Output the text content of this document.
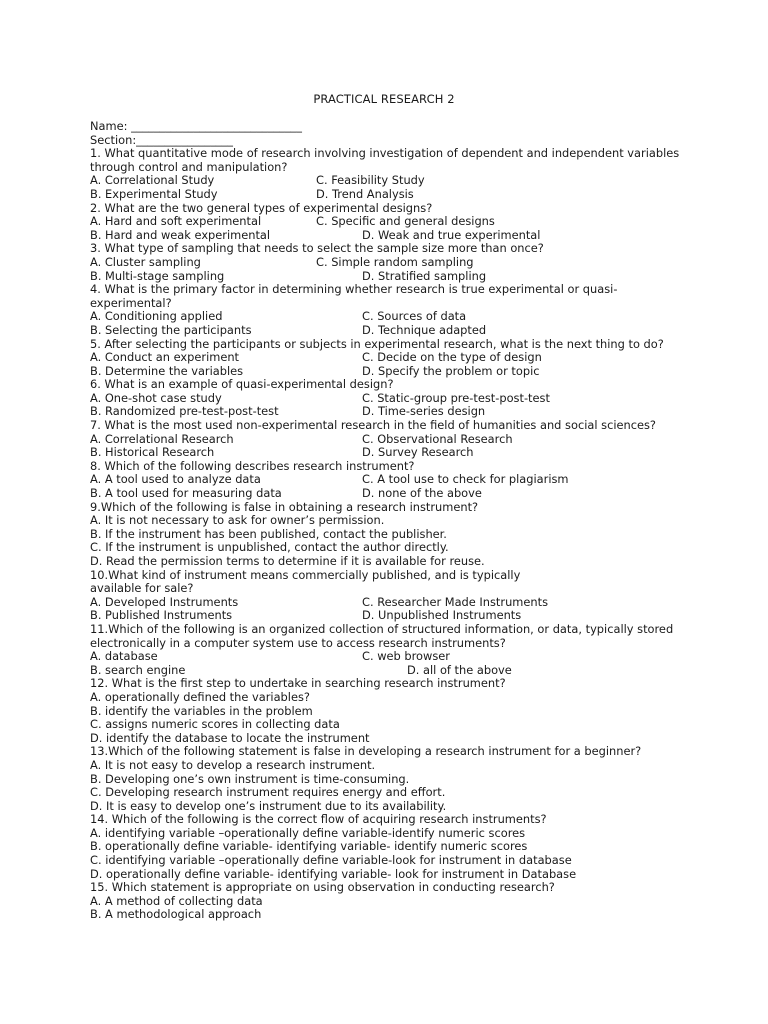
PRACTICAL RESEARCH 2
Name: ______________________________
Section:_________________
1. What quantitative mode of research involving investigation of dependent and independent variables
through control and manipulation?
A. Correlational Study	C. Feasibility Study
B. Experimental Study	D. Trend Analysis
2. What are the two general types of experimental designs?
A. Hard and soft experimental	C. Specific and general designs
B. Hard and weak experimental	D. Weak and true experimental
3. What type of sampling that needs to select the sample size more than once?
A. Cluster sampling	C. Simple random sampling
B. Multi-stage sampling	D. Stratified sampling
4. What is the primary factor in determining whether research is true experimental or quasi-
experimental?
A. Conditioning applied	C. Sources of data
B. Selecting the participants	D. Technique adapted
5. After selecting the participants or subjects in experimental research, what is the next thing to do?
A. Conduct an experiment	C. Decide on the type of design
B. Determine the variables	D. Specify the problem or topic
6. What is an example of quasi-experimental design?
A. One-shot case study	C. Static-group pre-test-post-test
B. Randomized pre-test-post-test	D. Time-series design
7. What is the most used non-experimental research in the field of humanities and social sciences?
A. Correlational Research	C. Observational Research
B. Historical Research	D. Survey Research
8. Which of the following describes research instrument?
A. A tool used to analyze data	C. A tool use to check for plagiarism
B. A tool used for measuring data	D. none of the above
9.Which of the following is false in obtaining a research instrument?
A. It is not necessary to ask for owner’s permission.
B. If the instrument has been published, contact the publisher.
C. If the instrument is unpublished, contact the author directly.
D. Read the permission terms to determine if it is available for reuse.
10.What kind of instrument means commercially published, and is typically
available for sale?
A. Developed Instruments	C. Researcher Made Instruments
B. Published Instruments	D. Unpublished Instruments
11.Which of the following is an organized collection of structured information, or data, typically stored
electronically in a computer system use to access research instruments?
A. database	C. web browser
B. search engine	D. all of the above
12. What is the first step to undertake in searching research instrument?
A. operationally defined the variables?
B. identify the variables in the problem
C. assigns numeric scores in collecting data
D. identify the database to locate the instrument
13.Which of the following statement is false in developing a research instrument for a beginner?
A. It is not easy to develop a research instrument.
B. Developing one’s own instrument is time-consuming.
C. Developing research instrument requires energy and effort.
D. It is easy to develop one’s instrument due to its availability.
14. Which of the following is the correct flow of acquiring research instruments?
A. identifying variable –operationally define variable-identify numeric scores
B. operationally define variable- identifying variable- identify numeric scores
C. identifying variable –operationally define variable-look for instrument in database
D. operationally define variable- identifying variable- look for instrument in Database
15. Which statement is appropriate on using observation in conducting research?
A. A method of collecting data
B. A methodological approach
